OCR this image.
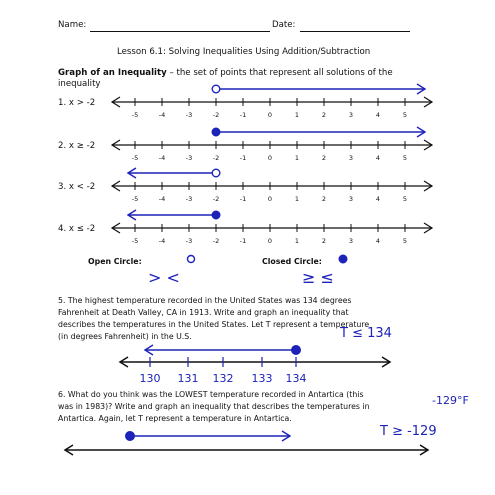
Name:	Date:
Lesson 6.1: Solving Inequalities Using Addition/Subtraction
Graph of an Inequality – the set of points that represent all solutions of the
inequality
1. x > -2
2. x ≥ -2
3. x < -2
4. x ≤ -2
Open Circle:	Closed Circle:
> <	≥ ≤
5. The highest temperature recorded in the United States was 134 degrees
Fahrenheit at Death Valley, CA in 1913. Write and graph an inequality that
describes the temperatures in the United States. Let T represent a temperature
(in degrees Fahrenheit) in the U.S.	T ≤ 134
6. What do you think was the LOWEST temperature recorded in Antartica (this
was in 1983)? Write and graph an inequality that describes the temperatures in
Antartica. Again, let T represent a temperature in Antartica.
-129°F
T ≥ -129
-5	-4	-3	-2	-1	0	1	2	3	4	5
-5	-4	-3	-2	-1	0	1	2	3	4	5
-5	-4	-3	-2	-1	0	1	2	3	4	5
-5	-4	-3	-2	-1	0	1	2	3	4	5
130 131 132 133 134
